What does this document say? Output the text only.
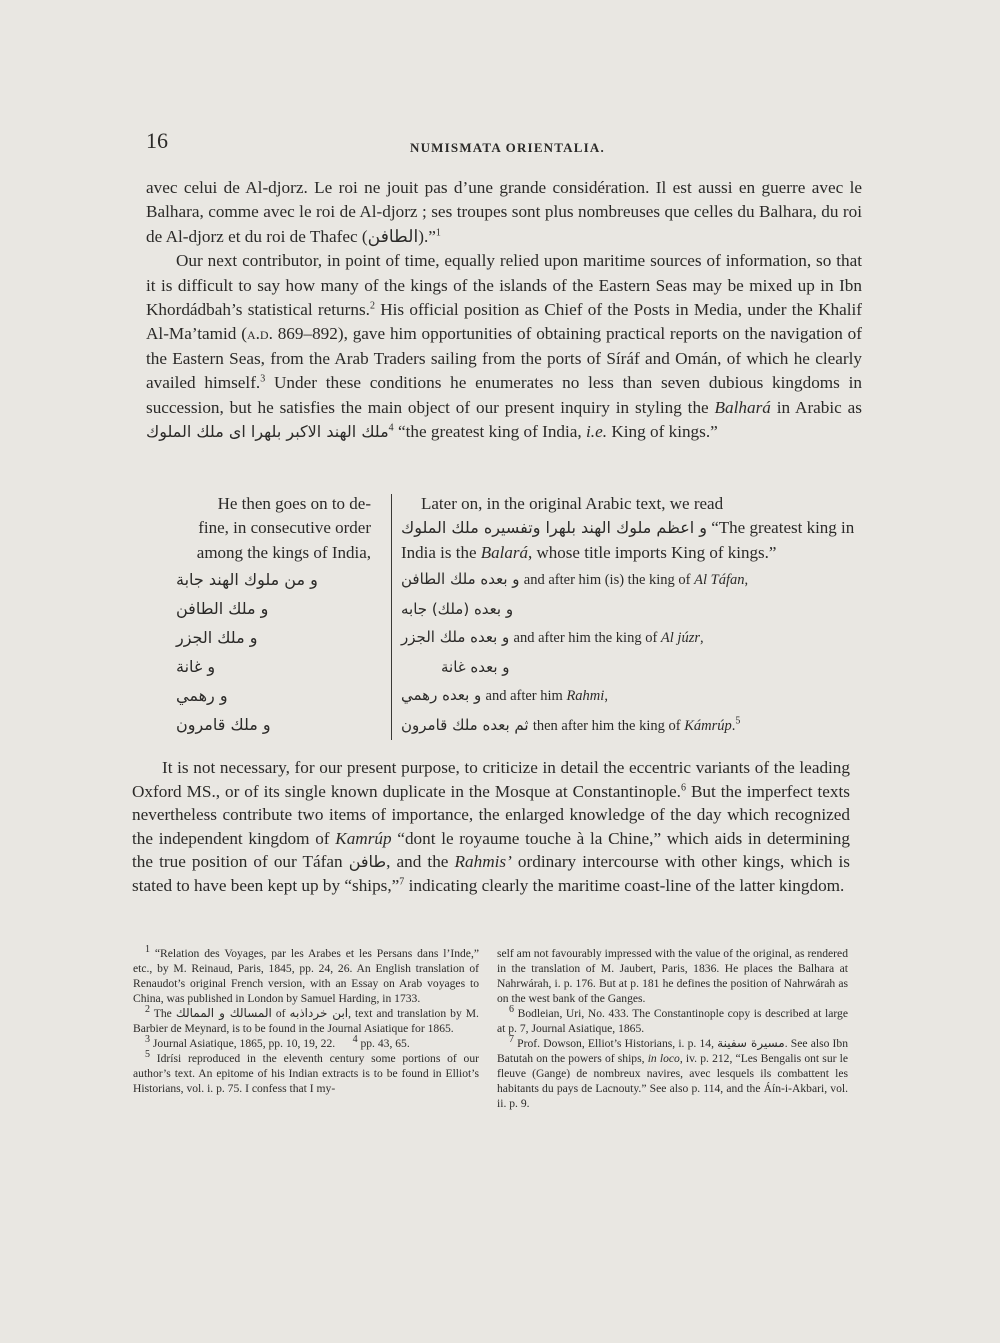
16	NUMISMATA ORIENTALIA.

avec celui de Al-djorz. Le roi ne jouit pas d’une grande considération. Il est aussi en guerre avec le Balhara, comme avec le roi de Al-djorz ; ses troupes sont plus nombreuses que celles du Balhara, du roi de Al-djorz et du roi de Thafec (الطافن).”$^1$

Our next contributor, in point of time, equally relied upon maritime sources of information, so that it is difficult to say how many of the kings of the islands of the Eastern Seas may be mixed up in Ibn Khordádbah’s statistical returns.$^2$ His official position as Chief of the Posts in Media, under the Khalif Al-Ma’tamid (a.d. 869–892), gave him opportunities of obtaining practical reports on the navigation of the Eastern Seas, from the Arab Traders sailing from the ports of Síráf and Omán, of which he clearly availed himself.$^3$ Under these conditions he enumerates no less than seven dubious kingdoms in succession, but he satisfies the main object of our present inquiry in styling the Balhará in Arabic as ملك الهند الاكبر بلهرا اى ملك الملوك$^4$ “the greatest king of India, i.e. King of kings.”

He then goes on to de-
fine, in consecutive order
among the kings of India,
و من ملوك الهند جابة
و ملك الطافن
و ملك الجزر
و غانة
و رهمي
و ملك قامرون
Later on, in the original Arabic text, we read
و اعظم ملوك الهند بلهرا وتفسيره ملك الملوك “The greatest king in India is the Balará, whose title imports King of kings.”
و بعده ملك الطافن and after him (is) the king of Al Táfan,
و بعده (ملك) جابه
و بعده ملك الجزر and after him the king of Al júzr,
و بعده غانة
و بعده رهمي and after him Rahmi,
ثم بعده ملك قامرون then after him the king of Kámrúp.$^5$

It is not necessary, for our present purpose, to criticize in detail the eccentric variants of the leading Oxford MS., or of its single known duplicate in the Mosque at Constantinople.$^6$ But the imperfect texts nevertheless contribute two items of importance, the enlarged knowledge of the day which recognized the independent kingdom of Kamrúp “dont le royaume touche à la Chine,” which aids in determining the true position of our Táfan طافن, and the Rahmis’ ordinary intercourse with other kings, which is stated to have been kept up by “ships,”$^7$ indicating clearly the maritime coast-line of the latter kingdom.

$^1$ “Relation des Voyages, par les Arabes et les Persans dans l’Inde,” etc., by M. Reinaud, Paris, 1845, pp. 24, 26. An English translation of Renaudot’s original French version, with an Essay on Arab voyages to China, was published in London by Samuel Harding, in 1733.

$^2$ The المسالك و الممالك of ابن خرداذبه, text and translation by M. Barbier de Meynard, is to be found in the Journal Asiatique for 1865.

$^3$ Journal Asiatique, 1865, pp. 10, 19, 22. $^4$ pp. 43, 65.

$^5$ Idrísi reproduced in the eleventh century some portions of our author’s text. An epitome of his Indian extracts is to be found in Elliot’s Historians, vol. i. p. 75. I confess that I my-

self am not favourably impressed with the value of the original, as rendered in the translation of M. Jaubert, Paris, 1836. He places the Balhara at Nahrwárah, i. p. 176. But at p. 181 he defines the position of Nahrwárah as on the west bank of the Ganges.

$^6$ Bodleian, Uri, No. 433. The Constantinople copy is described at large at p. 7, Journal Asiatique, 1865.

$^7$ Prof. Dowson, Elliot’s Historians, i. p. 14, مسيرة سفينة. See also Ibn Batutah on the powers of ships, in loco, iv. p. 212, “Les Bengalis ont sur le fleuve (Gange) de nombreux navires, avec lesquels ils combattent les habitants du pays de Lacnouty.” See also p. 114, and the Áín-i-Akbari, vol. ii. p. 9.
